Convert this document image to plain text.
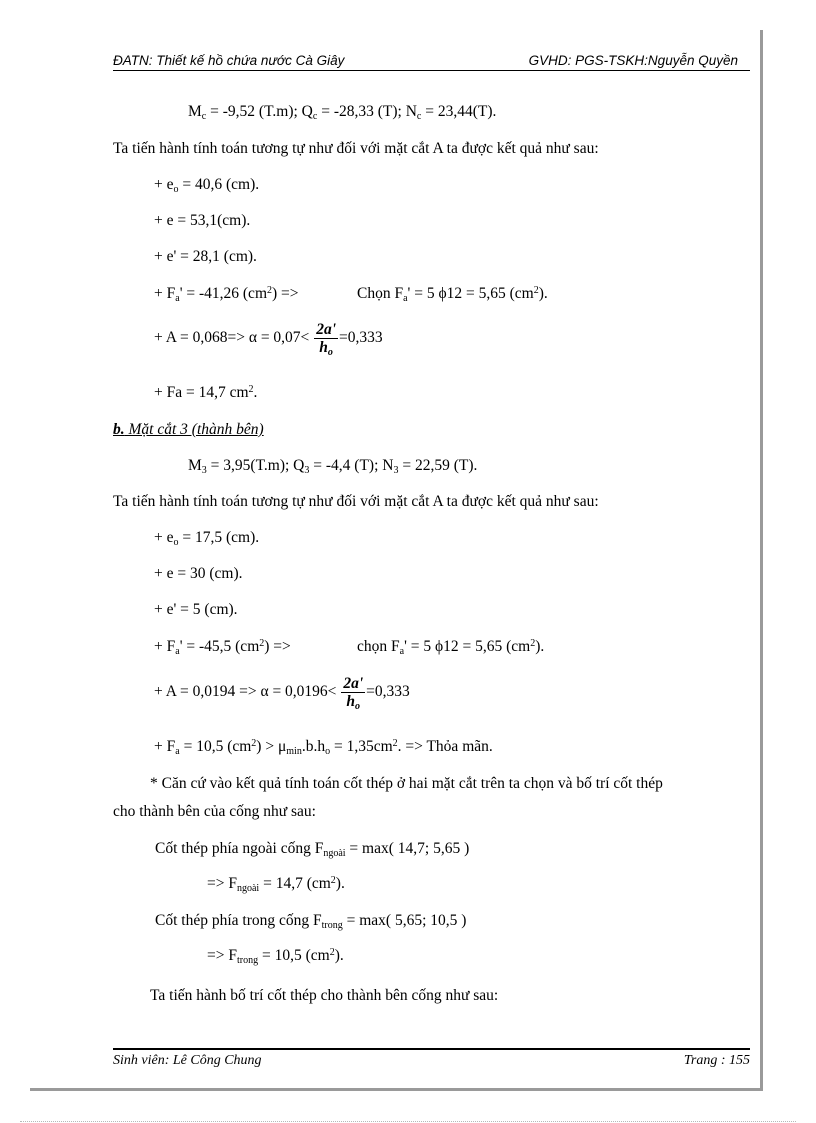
ĐATN: Thiết kế hồ chứa nước Cà Giây	GVHD: PGS-TSKH:Nguyễn Quyền
$M_c = -9,52$ (T.m); $Q_c = -28,33$ (T); $N_c = 23,44(T)$.
Ta tiến hành tính toán tương tự như đối với mặt cắt A ta được kết quả như sau:
+ $e_o = 40,6$ (cm).
+ e = 53,1(cm).
+ e' = 28,1 (cm).
+ $F_a' = -41,26$ $(cm^2)$ =>	Chọn $F_a' = 5$ ϕ12 = 5,65 $(cm^2)$.
+ $A = 0,068=> \alpha = 0,07< \frac{2a'}{h_o} =0,333$
+ Fa = 14,7 $cm^2$.
b. Mặt cắt 3 (thành bên)
$M_3 = 3,95(T.m)$; $Q_3 = -4,4$ (T); $N_3 = 22,59$ (T).
Ta tiến hành tính toán tương tự như đối với mặt cắt A ta được kết quả như sau:
+ $e_o = 17,5$ (cm).
+ e = 30 (cm).
+ e' = 5 (cm).
+ $F_a' = -45,5$ $(cm^2)$ =>	chọn $F_a' = 5$ ϕ12 = 5,65 $(cm^2)$.
+ $A = 0,0194 => \alpha = 0,0196< \frac{2a'}{h_o} =0,333$
+ $F_a = 10,5$ $(cm^2) > \mu_{min}.b.h_o = 1,35cm^2$. => Thỏa mãn.
* Căn cứ vào kết quả tính toán cốt thép ở hai mặt cắt trên ta chọn và bố trí cốt thép
cho thành bên của cống như sau:
Cốt thép phía ngoài cống $F_{ngoài} = \max$( 14,7; 5,65 )
=> $F_{ngoài} = 14,7$ $(cm^2)$.
Cốt thép phía trong cống $F_{trong} = \max$( 5,65; 10,5 )
=> $F_{trong} = 10,5$ $(cm^2)$.
Ta tiến hành bố trí cốt thép cho thành bên cống như sau:
Sinh viên: Lê Công Chung	Trang : 155
